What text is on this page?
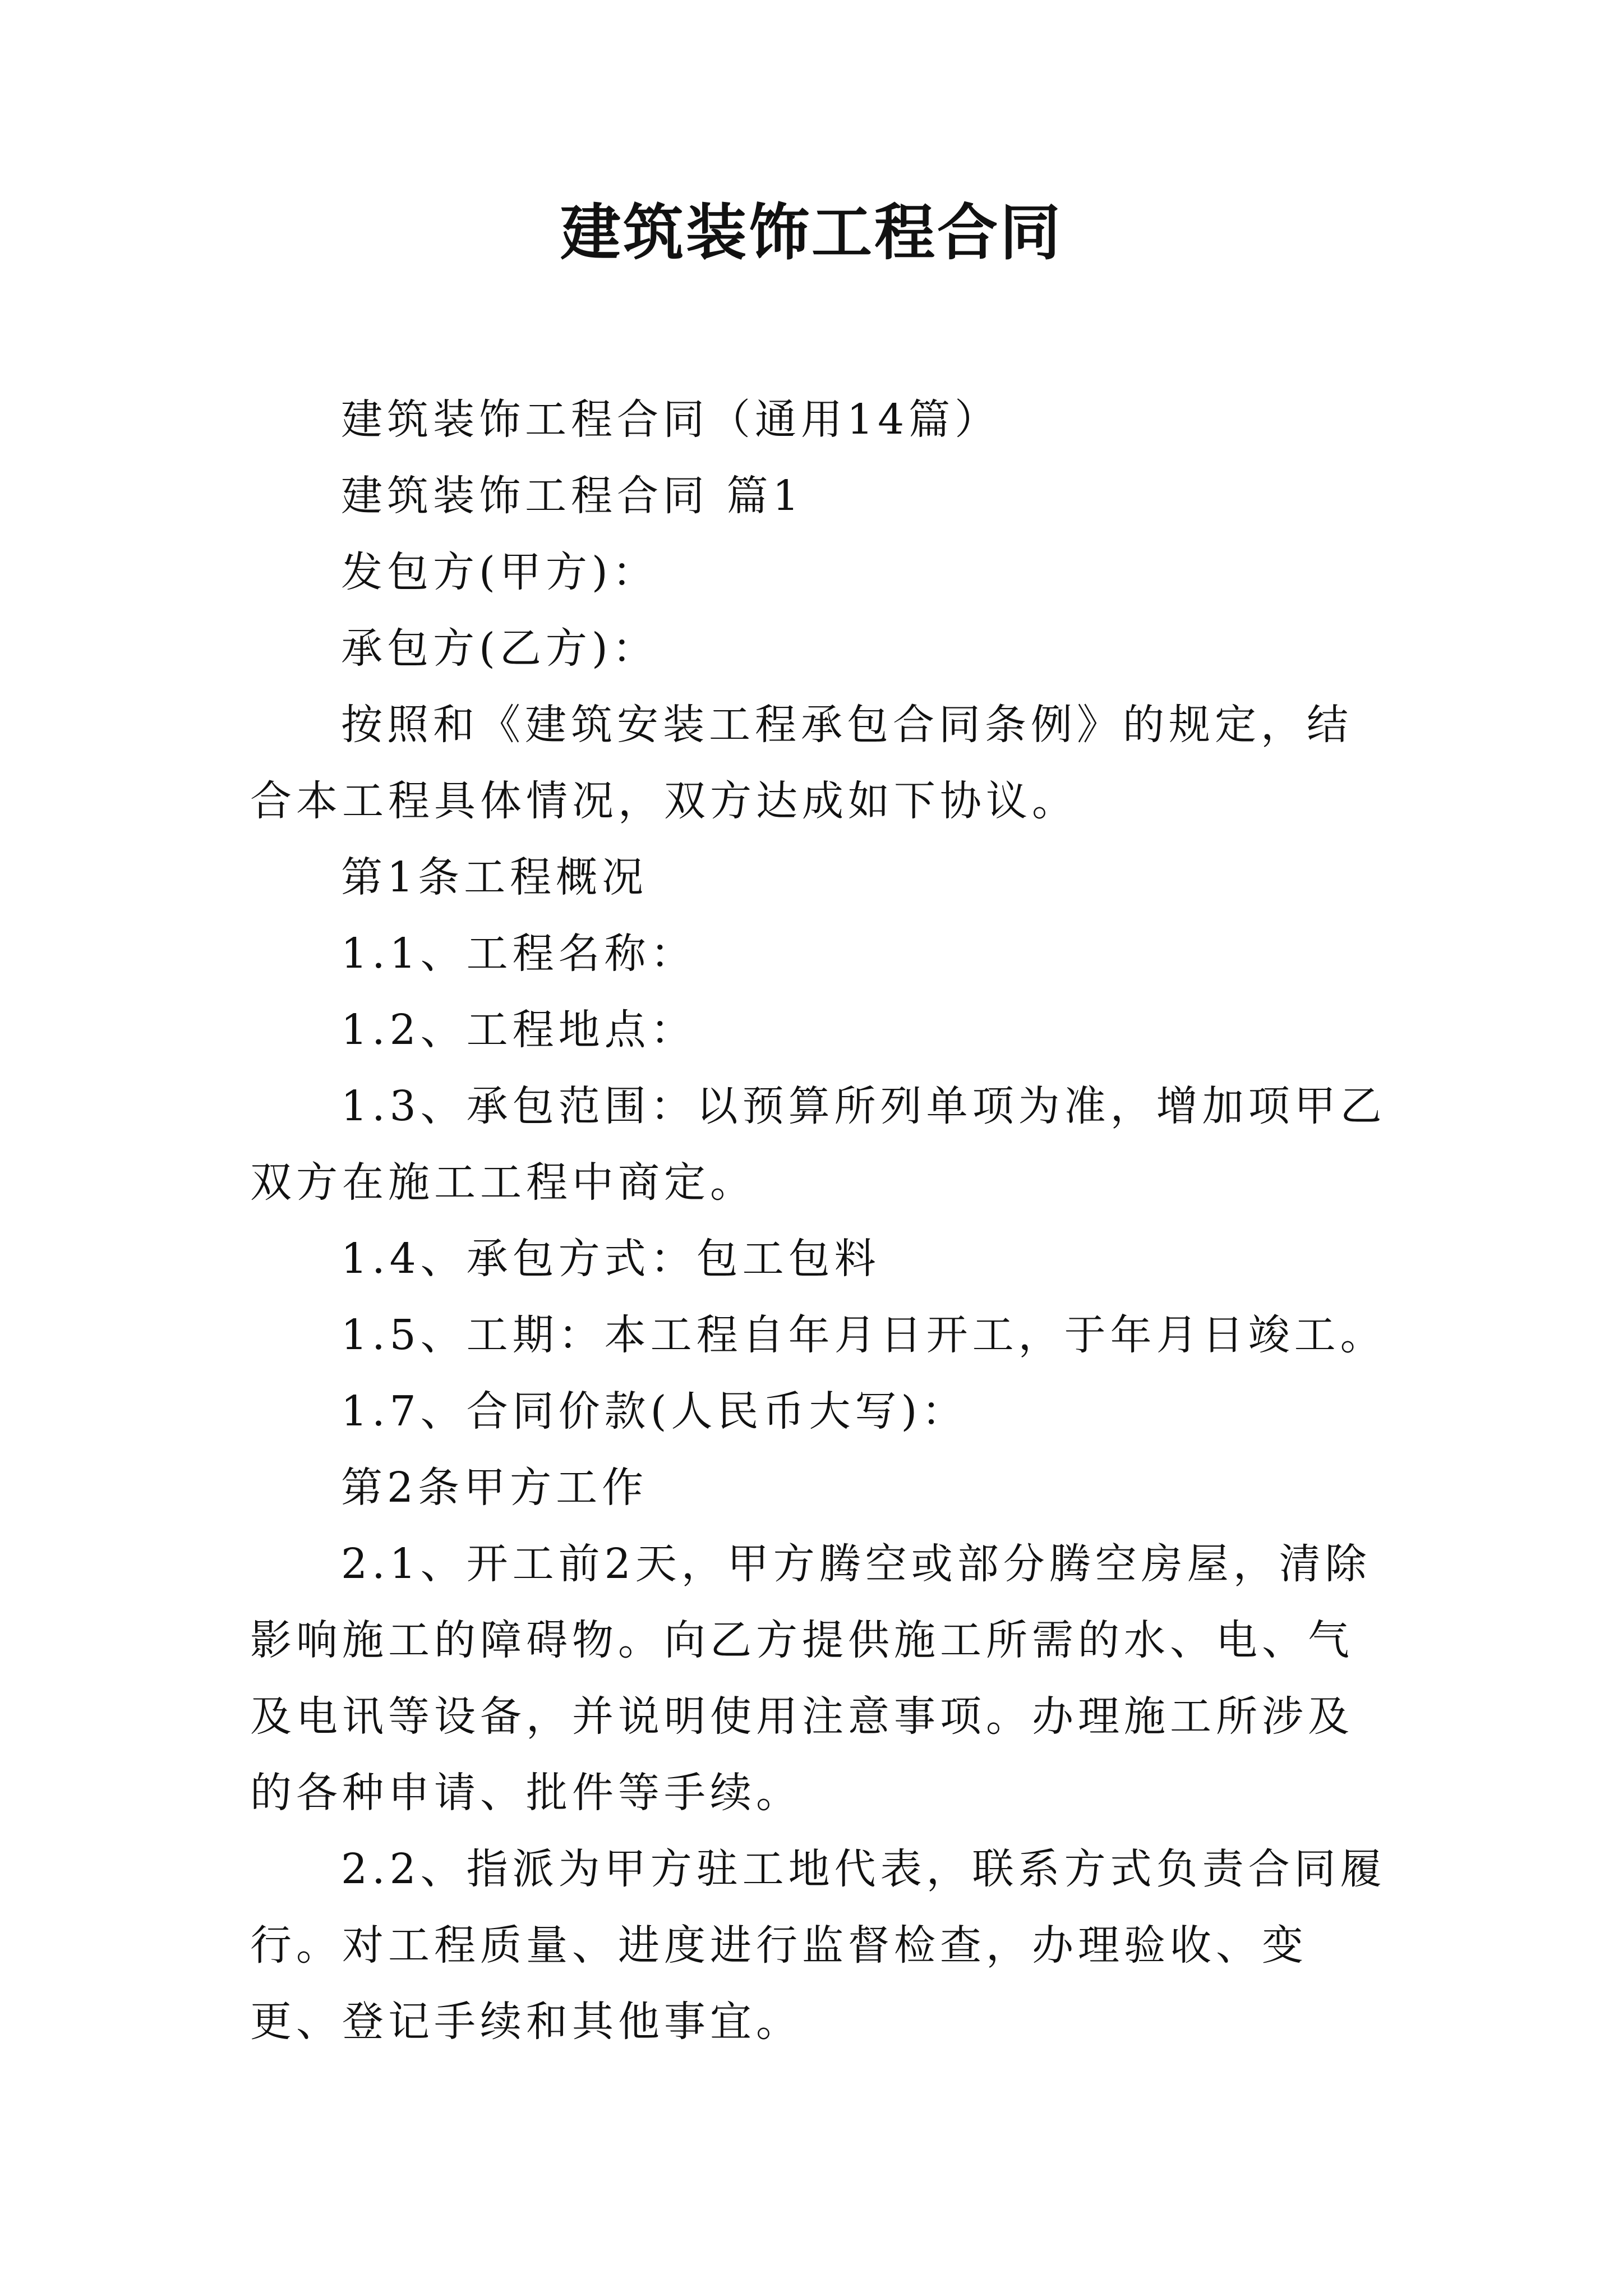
建筑装饰工程合同

建筑装饰工程合同（通用14篇）

建筑装饰工程合同 篇1

发包方(甲方)：

承包方(乙方)：

按照和《建筑安装工程承包合同条例》的规定，结合本工程具体情况，双方达成如下协议。

第1条工程概况

1.1、工程名称：

1.2、工程地点：

1.3、承包范围：以预算所列单项为准，增加项甲乙双方在施工工程中商定。

1.4、承包方式：包工包料

1.5、工期：本工程自年月日开工，于年月日竣工。

1.7、合同价款(人民币大写)：

第2条甲方工作

2.1、开工前2天，甲方腾空或部分腾空房屋，清除影响施工的障碍物。向乙方提供施工所需的水、电、气及电讯等设备，并说明使用注意事项。办理施工所涉及的各种申请、批件等手续。

2.2、指派为甲方驻工地代表，联系方式负责合同履行。对工程质量、进度进行监督检查，办理验收、变更、登记手续和其他事宜。
